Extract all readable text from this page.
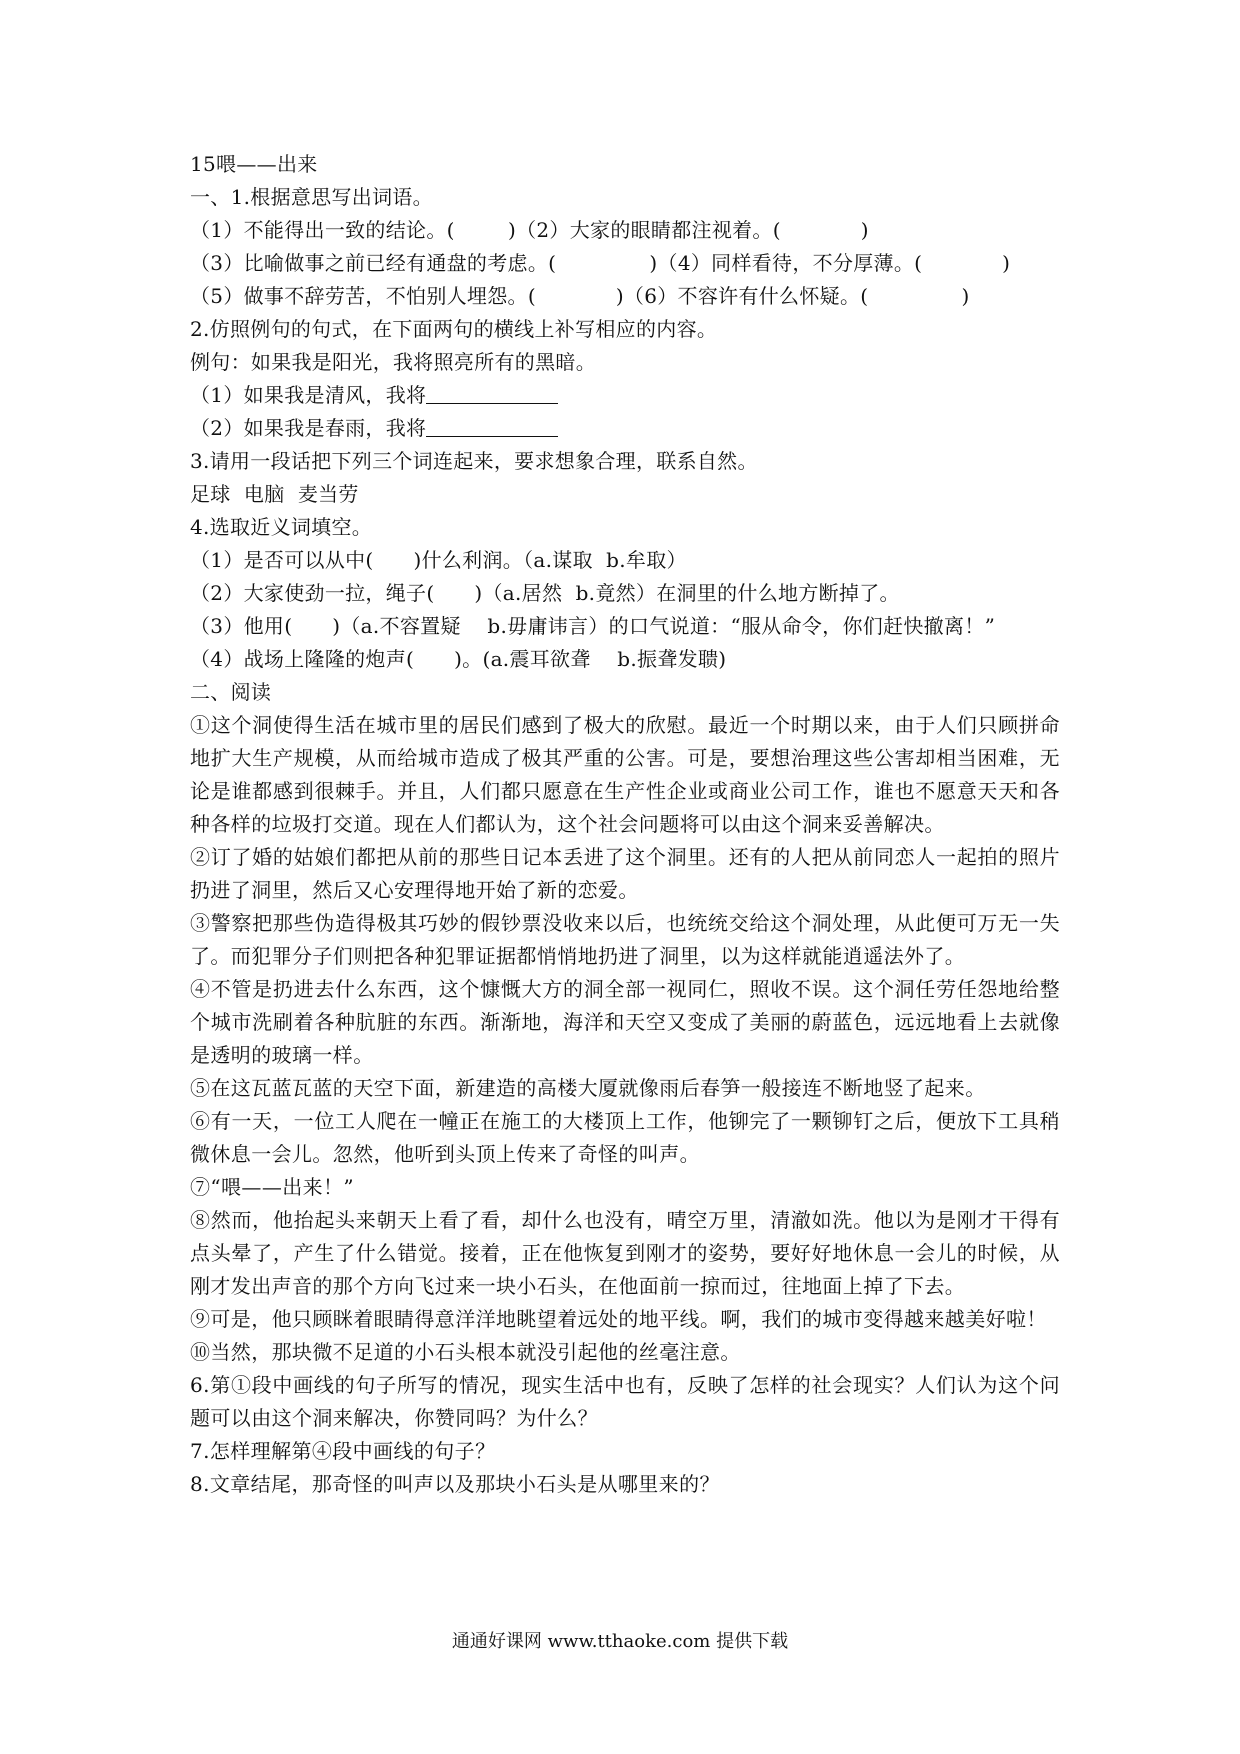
15喂——出来
一、1.根据意思写出词语。
（1）不能得出一致的结论。(        )（2）大家的眼睛都注视着。(            )
（3）比喻做事之前已经有通盘的考虑。(              )（4）同样看待，不分厚薄。(            )
（5）做事不辞劳苦，不怕别人埋怨。(            )（6）不容许有什么怀疑。(              )
2.仿照例句的句式，在下面两句的横线上补写相应的内容。
例句：如果我是阳光，我将照亮所有的黑暗。
（1）如果我是清风，我将
（2）如果我是春雨，我将
3.请用一段话把下列三个词连起来，要求想象合理，联系自然。
足球  电脑  麦当劳
4.选取近义词填空。
（1）是否可以从中(      )什么利润。（a.谋取  b.牟取）
（2）大家使劲一拉，绳子(      )（a.居然  b.竟然）在洞里的什么地方断掉了。
（3）他用(      )（a.不容置疑    b.毋庸讳言）的口气说道：“服从命令，你们赶快撤离！”
（4）战场上隆隆的炮声(      )。(a.震耳欲聋    b.振聋发聩)
二、阅读
①这个洞使得生活在城市里的居民们感到了极大的欣慰。最近一个时期以来，由于人们只顾拼命地扩大生产规模，从而给城市造成了极其严重的公害。可是，要想治理这些公害却相当困难，无论是谁都感到很棘手。并且，人们都只愿意在生产性企业或商业公司工作，谁也不愿意天天和各种各样的垃圾打交道。现在人们都认为，这个社会问题将可以由这个洞来妥善解决。
②订了婚的姑娘们都把从前的那些日记本丢进了这个洞里。还有的人把从前同恋人一起拍的照片扔进了洞里，然后又心安理得地开始了新的恋爱。
③警察把那些伪造得极其巧妙的假钞票没收来以后，也统统交给这个洞处理，从此便可万无一失了。而犯罪分子们则把各种犯罪证据都悄悄地扔进了洞里，以为这样就能逍遥法外了。
④不管是扔进去什么东西，这个慷慨大方的洞全部一视同仁，照收不误。这个洞任劳任怨地给整个城市洗刷着各种肮脏的东西。渐渐地，海洋和天空又变成了美丽的蔚蓝色，远远地看上去就像是透明的玻璃一样。
⑤在这瓦蓝瓦蓝的天空下面，新建造的高楼大厦就像雨后春笋一般接连不断地竖了起来。
⑥有一天，一位工人爬在一幢正在施工的大楼顶上工作，他铆完了一颗铆钉之后，便放下工具稍微休息一会儿。忽然，他听到头顶上传来了奇怪的叫声。
⑦“喂——出来！”
⑧然而，他抬起头来朝天上看了看，却什么也没有，晴空万里，清澈如洗。他以为是刚才干得有点头晕了，产生了什么错觉。接着，正在他恢复到刚才的姿势，要好好地休息一会儿的时候，从刚才发出声音的那个方向飞过来一块小石头，在他面前一掠而过，往地面上掉了下去。
⑨可是，他只顾眯着眼睛得意洋洋地眺望着远处的地平线。啊，我们的城市变得越来越美好啦！
⑩当然，那块微不足道的小石头根本就没引起他的丝毫注意。
6.第①段中画线的句子所写的情况，现实生活中也有，反映了怎样的社会现实？人们认为这个问题可以由这个洞来解决，你赞同吗？为什么？
7.怎样理解第④段中画线的句子？
8.文章结尾，那奇怪的叫声以及那块小石头是从哪里来的？
通通好课网 www.tthaoke.com 提供下载
